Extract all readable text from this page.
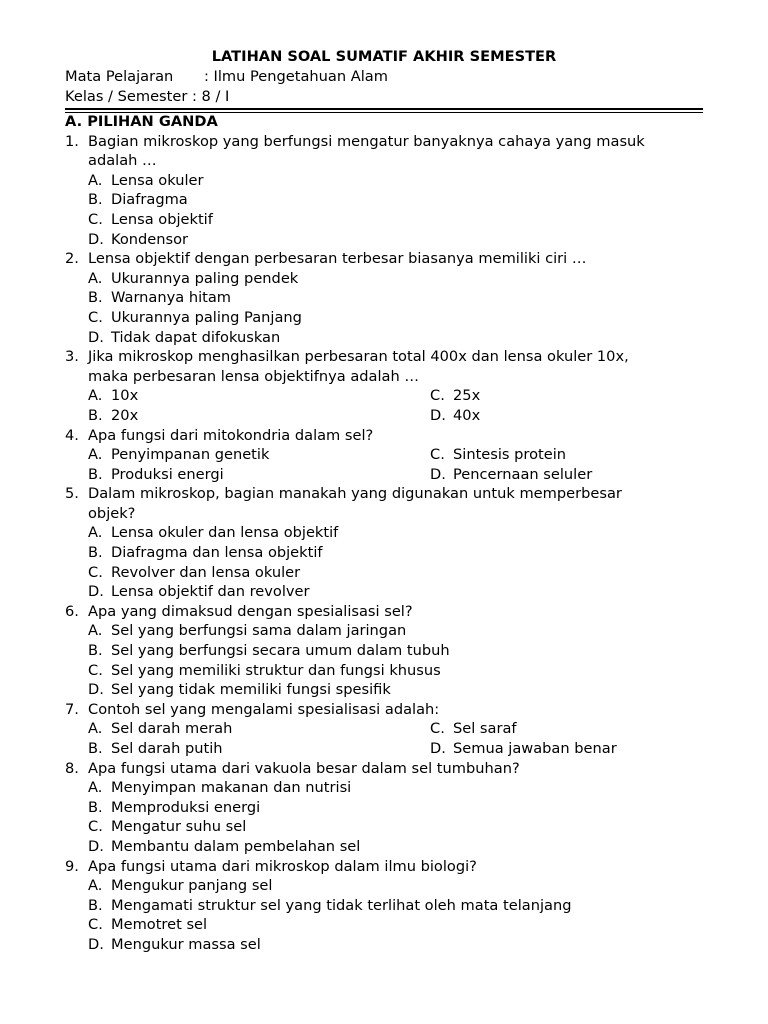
LATIHAN SOAL SUMATIF AKHIR SEMESTER
Mata Pelajaran : Ilmu Pengetahuan Alam
Kelas / Semester : 8 / I
A. PILIHAN GANDA
1. Bagian mikroskop yang berfungsi mengatur banyaknya cahaya yang masuk
adalah …
A. Lensa okuler
B. Diafragma
C. Lensa objektif
D. Kondensor
2. Lensa objektif dengan perbesaran terbesar biasanya memiliki ciri …
A. Ukurannya paling pendek
B. Warnanya hitam
C. Ukurannya paling Panjang
D. Tidak dapat difokuskan
3. Jika mikroskop menghasilkan perbesaran total 400x dan lensa okuler 10x,
maka perbesaran lensa objektifnya adalah …
A. 10x	C. 25x
B. 20x	D. 40x
4. Apa fungsi dari mitokondria dalam sel?
A. Penyimpanan genetik	C. Sintesis protein
B. Produksi energi	D. Pencernaan seluler
5. Dalam mikroskop, bagian manakah yang digunakan untuk memperbesar
objek?
A. Lensa okuler dan lensa objektif
B. Diafragma dan lensa objektif
C. Revolver dan lensa okuler
D. Lensa objektif dan revolver
6. Apa yang dimaksud dengan spesialisasi sel?
A. Sel yang berfungsi sama dalam jaringan
B. Sel yang berfungsi secara umum dalam tubuh
C. Sel yang memiliki struktur dan fungsi khusus
D. Sel yang tidak memiliki fungsi spesifik
7. Contoh sel yang mengalami spesialisasi adalah:
A. Sel darah merah	C. Sel saraf
B. Sel darah putih	D. Semua jawaban benar
8. Apa fungsi utama dari vakuola besar dalam sel tumbuhan?
A. Menyimpan makanan dan nutrisi
B. Memproduksi energi
C. Mengatur suhu sel
D. Membantu dalam pembelahan sel
9. Apa fungsi utama dari mikroskop dalam ilmu biologi?
A. Mengukur panjang sel
B. Mengamati struktur sel yang tidak terlihat oleh mata telanjang
C. Memotret sel
D. Mengukur massa sel
